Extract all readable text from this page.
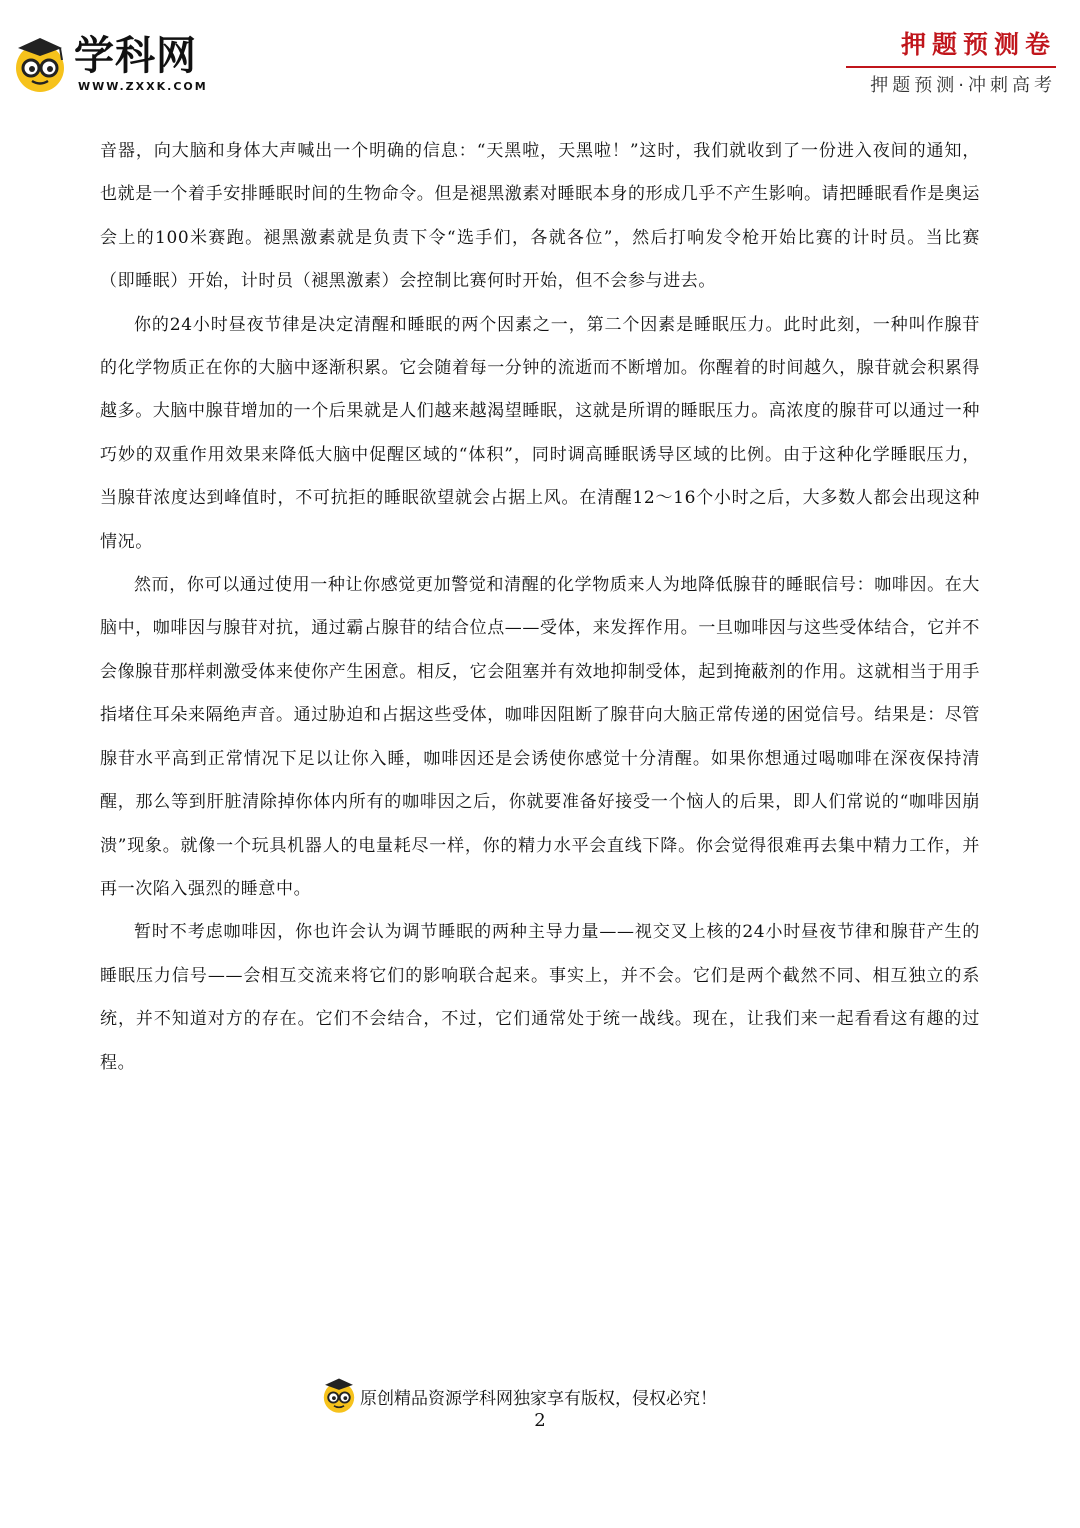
学科网
WWW.ZXXK.COM
押题预测卷
押题预测·冲刺高考

音器，向大脑和身体大声喊出一个明确的信息：“天黑啦，天黑啦！”这时，我们就收到了一份进入夜间的通知，也就是一个着手安排睡眠时间的生物命令。但是褪黑激素对睡眠本身的形成几乎不产生影响。请把睡眠看作是奥运会上的100米赛跑。褪黑激素就是负责下令“选手们，各就各位”，然后打响发令枪开始比赛的计时员。当比赛（即睡眠）开始，计时员（褪黑激素）会控制比赛何时开始，但不会参与进去。

你的24小时昼夜节律是决定清醒和睡眠的两个因素之一，第二个因素是睡眠压力。此时此刻，一种叫作腺苷的化学物质正在你的大脑中逐渐积累。它会随着每一分钟的流逝而不断增加。你醒着的时间越久，腺苷就会积累得越多。大脑中腺苷增加的一个后果就是人们越来越渴望睡眠，这就是所谓的睡眠压力。高浓度的腺苷可以通过一种巧妙的双重作用效果来降低大脑中促醒区域的“体积”，同时调高睡眠诱导区域的比例。由于这种化学睡眠压力，当腺苷浓度达到峰值时，不可抗拒的睡眠欲望就会占据上风。在清醒12～16个小时之后，大多数人都会出现这种情况。

然而，你可以通过使用一种让你感觉更加警觉和清醒的化学物质来人为地降低腺苷的睡眠信号：咖啡因。在大脑中，咖啡因与腺苷对抗，通过霸占腺苷的结合位点——受体，来发挥作用。一旦咖啡因与这些受体结合，它并不会像腺苷那样刺激受体来使你产生困意。相反，它会阻塞并有效地抑制受体，起到掩蔽剂的作用。这就相当于用手指堵住耳朵来隔绝声音。通过胁迫和占据这些受体，咖啡因阻断了腺苷向大脑正常传递的困觉信号。结果是：尽管腺苷水平高到正常情况下足以让你入睡，咖啡因还是会诱使你感觉十分清醒。如果你想通过喝咖啡在深夜保持清醒，那么等到肝脏清除掉你体内所有的咖啡因之后，你就要准备好接受一个恼人的后果，即人们常说的“咖啡因崩溃”现象。就像一个玩具机器人的电量耗尽一样，你的精力水平会直线下降。你会觉得很难再去集中精力工作，并再一次陷入强烈的睡意中。

暂时不考虑咖啡因，你也许会认为调节睡眠的两种主导力量——视交叉上核的24小时昼夜节律和腺苷产生的睡眠压力信号——会相互交流来将它们的影响联合起来。事实上，并不会。它们是两个截然不同、相互独立的系统，并不知道对方的存在。它们不会结合，不过，它们通常处于统一战线。现在，让我们来一起看看这有趣的过程。

原创精品资源学科网独家享有版权，侵权必究！
2
